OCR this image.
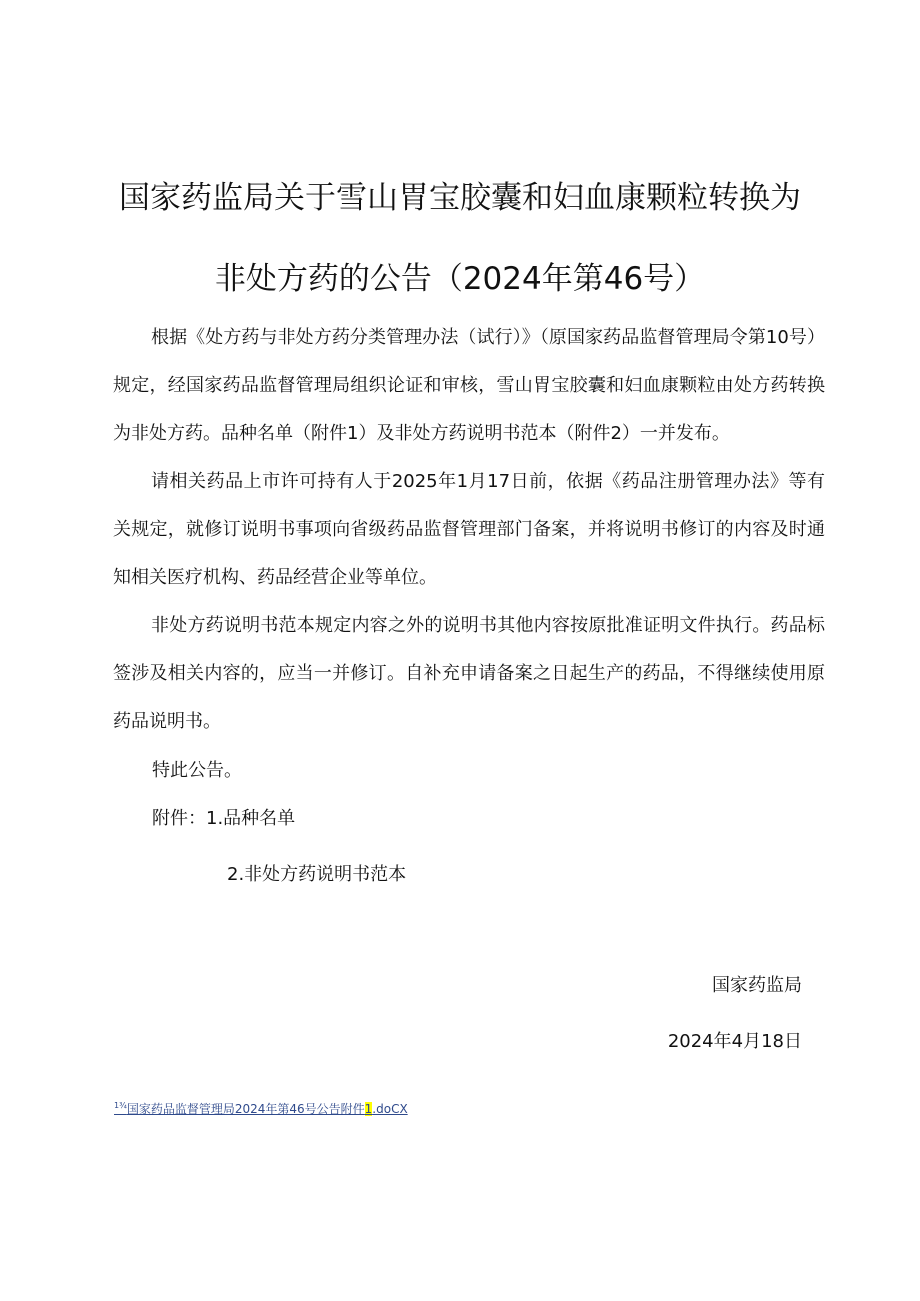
国家药监局关于雪山胃宝胶囊和妇血康颗粒转换为
非处方药的公告（2024年第46号）

根据《处方药与非处方药分类管理办法（试行）》（原国家药品监督管理局令第10号）规定，经国家药品监督管理局组织论证和审核，雪山胃宝胶囊和妇血康颗粒由处方药转换为非处方药。品种名单（附件1）及非处方药说明书范本（附件2）一并发布。

请相关药品上市许可持有人于2025年1月17日前，依据《药品注册管理办法》等有关规定，就修订说明书事项向省级药品监督管理部门备案，并将说明书修订的内容及时通知相关医疗机构、药品经营企业等单位。

非处方药说明书范本规定内容之外的说明书其他内容按原批准证明文件执行。药品标签涉及相关内容的，应当一并修订。自补充申请备案之日起生产的药品，不得继续使用原药品说明书。

特此公告。

附件：1.品种名单

2.非处方药说明书范本

国家药监局

2024年4月18日

$^{1\frac{3}{4}}$国家药品监督管理局2024年第46号公告附件1.doCX
